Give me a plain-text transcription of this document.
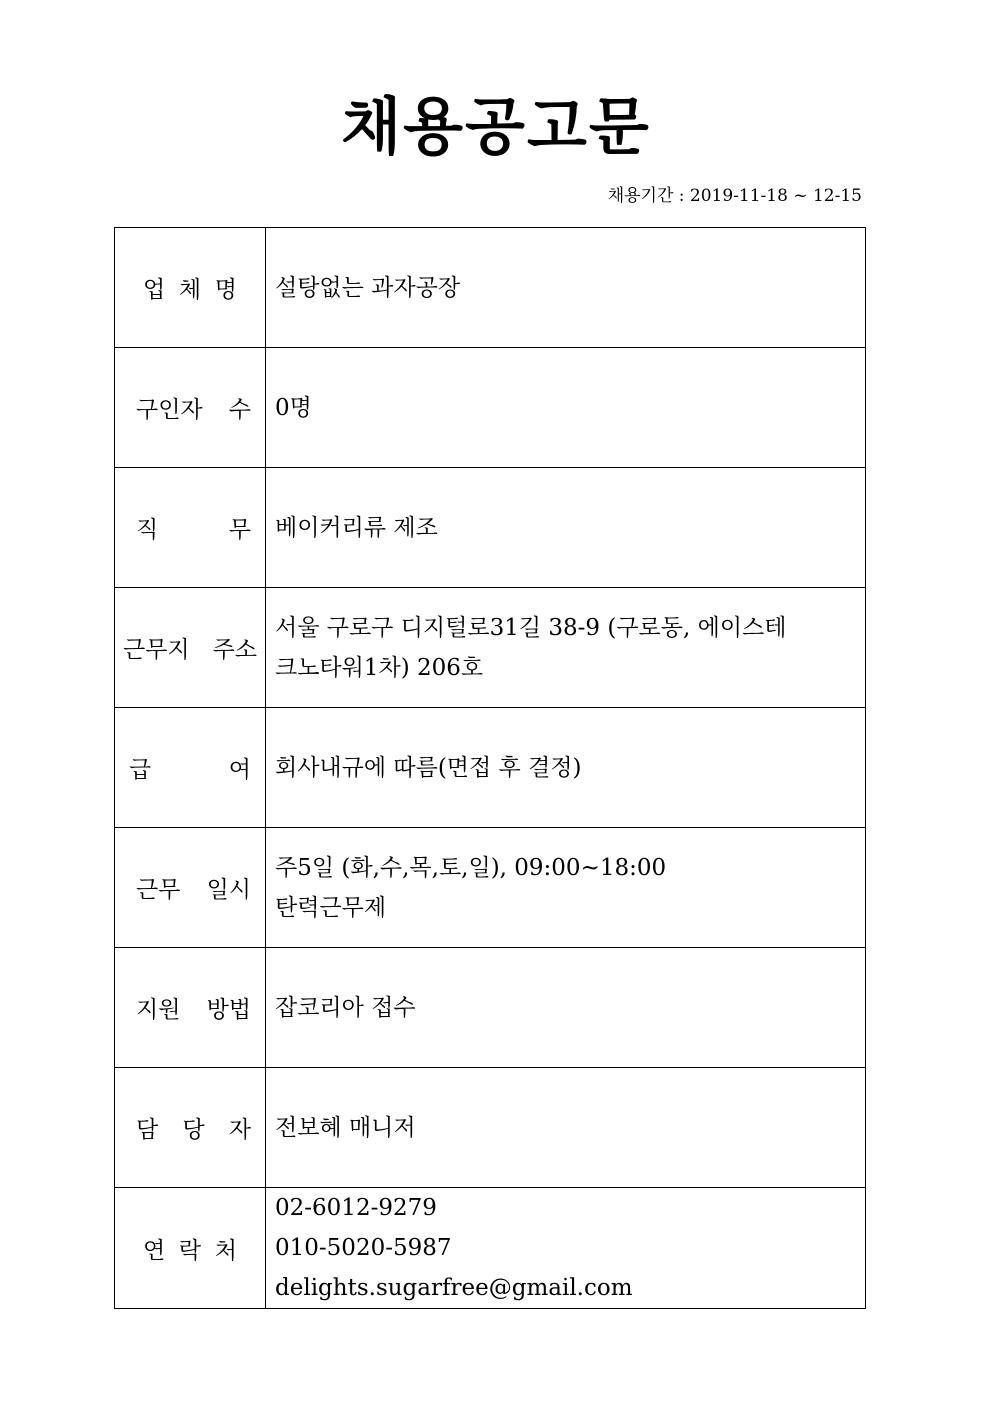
채용공고문
채용기간 : 2019-11-18 ~ 12-15
업 체 명	설탕없는 과자공장

구인자 수	0명

직 무	베이커리류 제조

근무지 주소	서울 구로구 디지털로31길 38-9 (구로동, 에이스테
크노타워1차) 206호

급 여	회사내규에 따름(면접 후 결정)

근무 일시	주5일 (화,수,목,토,일), 09:00~18:00
탄력근무제

지원 방법	잡코리아 접수

담 당 자	전보혜 매니저

연 락 처	02-6012-9279
010-5020-5987
delights.sugarfree@gmail.com
